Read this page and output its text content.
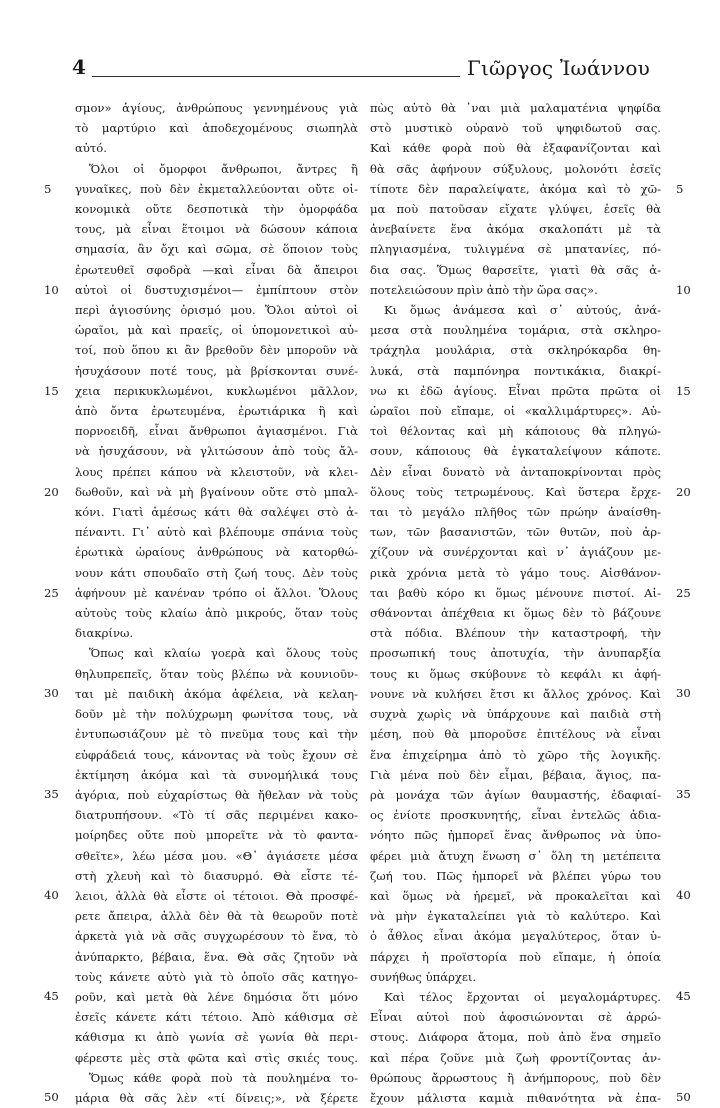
4	Γιῶργος Ἰωάννου
5
10
15
20
25
30
35
40
45
50

σμον» ἁγίους, ἀνθρώπους γεννημένους γιὰ

τὸ μαρτύριο καὶ ἀποδεχομένους σιωπηλὰ

αὐτό.

Ὅλοι οἱ ὄμορφοι ἄνθρωποι, ἄντρες ἢ

γυναῖκες, ποὺ δὲν ἐκμεταλλεύονται οὔτε οἰ-

κονομικὰ οὔτε δεσποτικὰ τὴν ὀμορφάδα

τους, μὰ εἶναι ἕτοιμοι νὰ δώσουν κάποια

σημασία, ἂν ὄχι καὶ σῶμα, σὲ ὅποιον τοὺς

ἐρωτευθεῖ σφοδρὰ —καὶ εἶναι δὰ ἄπειροι

αὐτοὶ οἱ δυστυχισμένοι— ἐμπίπτουν στὸν

περὶ ἁγιοσύνης ὁρισμό μου. Ὅλοι αὐτοὶ οἱ

ὡραῖοι, μὰ καὶ πραεῖς, οἱ ὑπομονετικοὶ αὐ-

τοί, ποὺ ὅπου κι ἂν βρεθοῦν δὲν μποροῦν νὰ

ἡσυχάσουν ποτέ τους, μὰ βρίσκονται συνέ-

χεια περικυκλωμένοι, κυκλωμένοι μᾶλλον,

ἀπὸ ὄντα ἐρωτευμένα, ἐρωτιάρικα ἢ καὶ

πορνοειδῆ, εἶναι ἄνθρωποι ἁγιασμένοι. Γιὰ

νὰ ἡσυχάσουν, νὰ γλιτώσουν ἀπὸ τοὺς ἄλ-

λους πρέπει κάπου νὰ κλειστοῦν, νὰ κλει-

δωθοῦν, καὶ νὰ μὴ βγαίνουν οὔτε στὸ μπαλ-

κόνι. Γιατὶ ἀμέσως κάτι θὰ σαλέψει στὸ ἀ-

πέναντι. Γι᾽ αὐτὸ καὶ βλέπουμε σπάνια τοὺς

ἐρωτικὰ ὡραίους ἀνθρώπους νὰ κατορθώ-

νουν κάτι σπουδαῖο στὴ ζωή τους. Δὲν τοὺς

ἀφήνουν μὲ κανέναν τρόπο οἱ ἄλλοι. Ὅλους

αὐτοὺς τοὺς κλαίω ἀπὸ μικρούς, ὅταν τοὺς

διακρίνω.

Ὅπως καὶ κλαίω γοερὰ καὶ ὅλους τοὺς

θηλυπρεπεῖς, ὅταν τοὺς βλέπω νὰ κουνιοῦν-

ται μὲ παιδικὴ ἀκόμα ἀφέλεια, νὰ κελαη-

δοῦν μὲ τὴν πολύχρωμη φωνίτσα τους, νὰ

ἐντυπωσιάζουν μὲ τὸ πνεῦμα τους καὶ τὴν

εὐφράδειά τους, κάνοντας νὰ τοὺς ἔχουν σὲ

ἐκτίμηση ἀκόμα καὶ τὰ συνομήλικά τους

ἀγόρια, ποὺ εὐχαρίστως θὰ ἤθελαν νὰ τοὺς

διατρυπήσουν. «Τὸ τί σᾶς περιμένει κακο-

μοίρηδες οὔτε ποὺ μπορεῖτε νὰ τὸ φαντα-

σθεῖτε», λέω μέσα μου. «Θ᾽ ἁγιάσετε μέσα

στὴ χλευὴ καὶ τὸ διασυρμό. Θὰ εἶστε τέ-

λειοι, ἀλλὰ θὰ εἶστε οἱ τέτοιοι. Θὰ προσφέ-

ρετε ἄπειρα, ἀλλὰ δὲν θὰ τὰ θεωροῦν ποτὲ

ἀρκετὰ γιὰ νὰ σᾶς συγχωρέσουν τὸ ἕνα, τὸ

ἀνύπαρκτο, βέβαια, ἕνα. Θὰ σᾶς ζητοῦν νὰ

τοὺς κάνετε αὐτὸ γιὰ τὸ ὁποῖο σᾶς κατηγο-

ροῦν, καὶ μετὰ θὰ λένε δημόσια ὅτι μόνο

ἐσεῖς κάνετε κάτι τέτοιο. Ἀπὸ κάθισμα σὲ

κάθισμα κι ἀπὸ γωνία σὲ γωνία θὰ περι-

φέρεστε μὲς στὰ φῶτα καὶ στὶς σκιές τους.

Ὅμως κάθε φορὰ ποὺ τὰ πουλημένα το-

μάρια θὰ σᾶς λὲν «τί δίνεις;», νὰ ξέρετε

πὼς αὐτὸ θὰ ᾽ναι μιὰ μαλαματένια ψηφίδα

στὸ μυστικὸ οὐρανὸ τοῦ ψηφιδωτοῦ σας.

Καὶ κάθε φορὰ ποὺ θὰ ἐξαφανίζονται καὶ

θὰ σᾶς ἀφήνουν σύξυλους, μολονότι ἐσεῖς

τίποτε δὲν παραλείψατε, ἀκόμα καὶ τὸ χῶ-

μα ποὺ πατοῦσαν εἴχατε γλύψει, ἐσεῖς θὰ

ἀνεβαίνετε ἕνα ἀκόμα σκαλοπάτι μὲ τὰ

πληγιασμένα, τυλιγμένα σὲ μπατανίες, πό-

δια σας. Ὅμως θαρσεῖτε, γιατὶ θὰ σᾶς ἀ-

ποτελειώσουν πρὶν ἀπὸ τὴν ὥρα σας».

Κι ὅμως ἀνάμεσα καὶ σ᾽ αὐτούς, ἀνά-

μεσα στὰ πουλημένα τομάρια, στὰ σκληρο-

τράχηλα μουλάρια, στὰ σκληρόκαρδα θη-

λυκά, στὰ παμπόνηρα ποντικάκια, διακρί-

νω κι ἐδῶ ἁγίους. Εἶναι πρῶτα πρῶτα οἱ

ὡραῖοι ποὺ εἴπαμε, οἱ «καλλιμάρτυρες». Αὐ-

τοὶ θέλοντας καὶ μὴ κάποιους θὰ πληγώ-

σουν, κάποιους θὰ ἐγκαταλείψουν κάποτε.

Δὲν εἶναι δυνατὸ νὰ ἀνταποκρίνονται πρὸς

ὅλους τοὺς τετρωμένους. Καὶ ὕστερα ἔρχε-

ται τὸ μεγάλο πλῆθος τῶν πρώην ἀναίσθη-

των, τῶν βασανιστῶν, τῶν θυτῶν, ποὺ ἀρ-

χίζουν νὰ συνέρχονται καὶ ν᾽ ἁγιάζουν με-

ρικὰ χρόνια μετὰ τὸ γάμο τους. Αἰσθάνον-

ται βαθὺ κόρο κι ὅμως μένουνε πιστοί. Αἰ-

σθάνονται ἀπέχθεια κι ὅμως δὲν τὸ βάζουνε

στὰ πόδια. Βλέπουν τὴν καταστροφή, τὴν

προσωπική τους ἀποτυχία, τὴν ἀνυπαρξία

τους κι ὅμως σκύβουνε τὸ κεφάλι κι ἀφή-

νουνε νὰ κυλήσει ἔτσι κι ἄλλος χρόνος. Καὶ

συχνὰ χωρὶς νὰ ὑπάρχουνε καὶ παιδιὰ στὴ

μέση, ποὺ θὰ μποροῦσε ἐπιτέλους νὰ εἶναι

ἕνα ἐπιχείρημα ἀπὸ τὸ χῶρο τῆς λογικῆς.

Γιὰ μένα ποὺ δὲν εἶμαι, βέβαια, ἅγιος, πα-

ρὰ μονάχα τῶν ἁγίων θαυμαστής, ἐδαφιαί-

ος ἐνίοτε προσκυνητής, εἶναι ἐντελῶς ἀδια-

νόητο πῶς ἠμπορεῖ ἕνας ἄνθρωπος νὰ ὑπο-

φέρει μιὰ ἄτυχη ἕνωση σ᾽ ὅλη τη μετέπειτα

ζωή του. Πῶς ἠμπορεῖ νὰ βλέπει γύρω του

καὶ ὅμως νὰ ἠρεμεῖ, νὰ προκαλεῖται καὶ

νὰ μὴν ἐγκαταλείπει γιὰ τὸ καλύτερο. Καὶ

ὁ ἆθλος εἶναι ἀκόμα μεγαλύτερος, ὅταν ὑ-

πάρχει ἡ προϊστορία ποὺ εἴπαμε, ἡ ὁποία

συνήθως ὑπάρχει.

Καὶ τέλος ἔρχονται οἱ μεγαλομάρτυρες.

Εἶναι αὐτοὶ ποὺ ἀφοσιώνονται σὲ ἀρρώ-

στους. Διάφορα ἄτομα, ποὺ ἀπὸ ἕνα σημεῖο

καὶ πέρα ζοῦνε μιὰ ζωὴ φροντίζοντας ἀν-

θρώπους ἄρρωστους ἢ ἀνήμπορους, ποὺ δὲν

ἔχουν μάλιστα καμιὰ πιθανότητα νὰ ἐπα-

5
10
15
20
25
30
35
40
45
50
